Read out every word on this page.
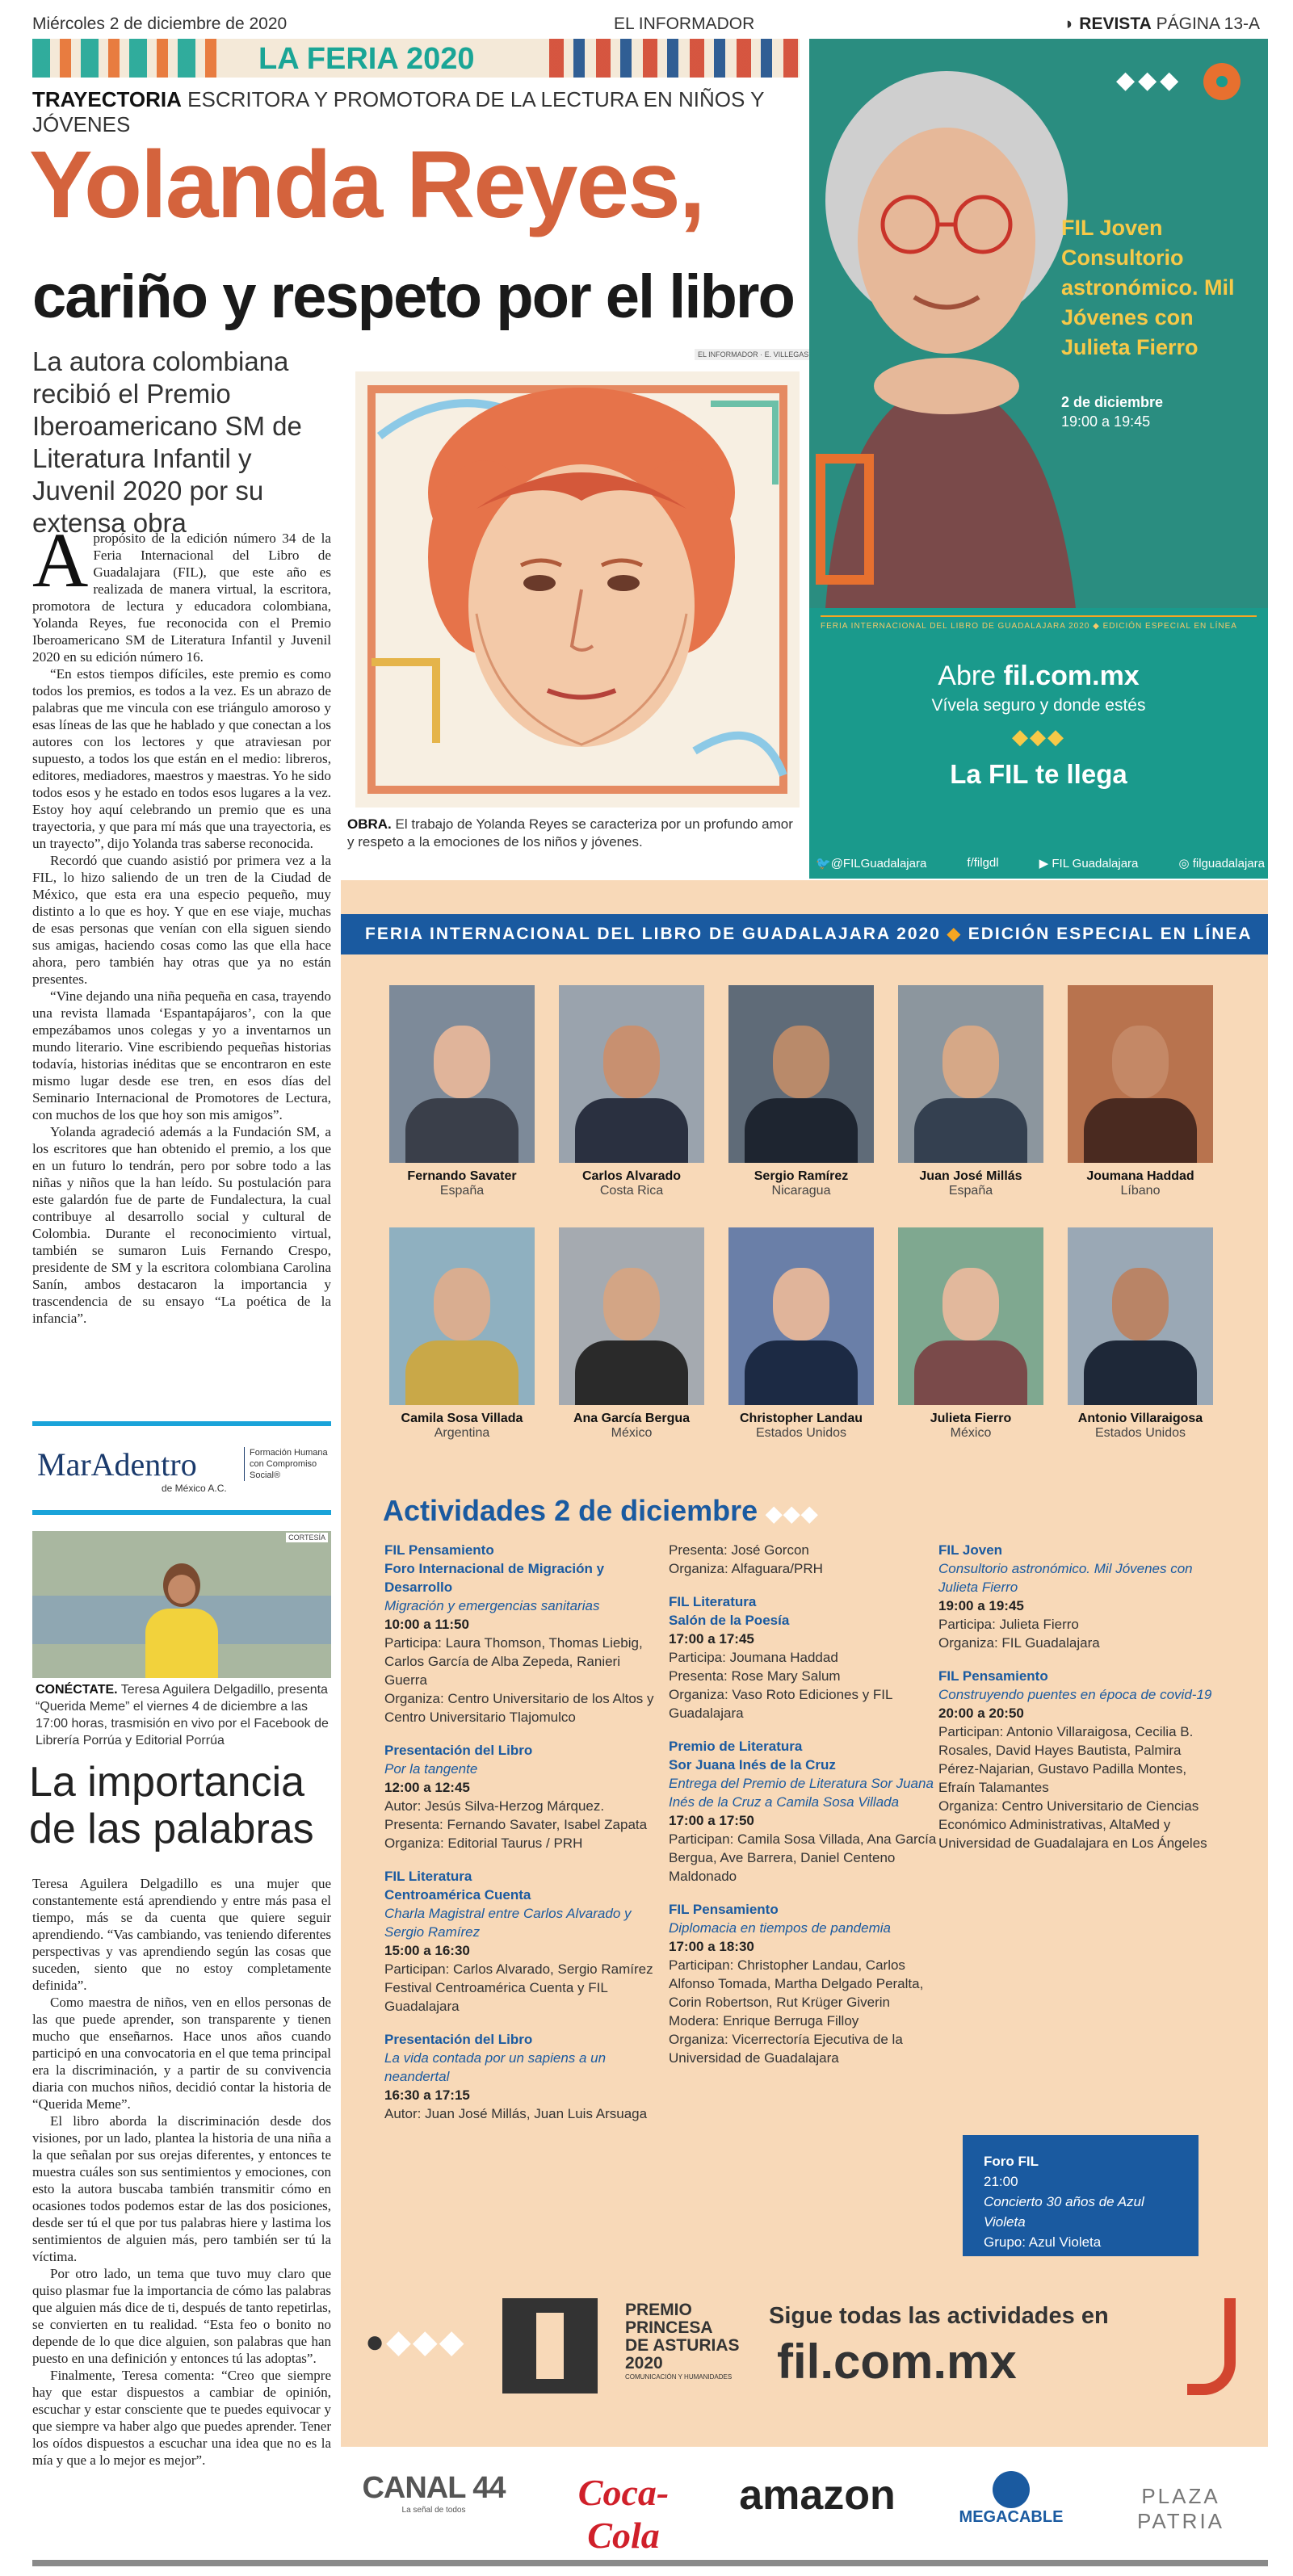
Miércoles 2 de diciembre de 2020	EL INFORMADOR	◗ REVISTA PÁGINA 13-A
LA FERIA 2020
TRAYECTORIA ESCRITORA Y PROMOTORA DE LA LECTURA EN NIÑOS Y JÓVENES
Yolanda Reyes,
cariño y respeto por el libro
La autora colombiana recibió el Premio Iberoamericano SM de Literatura Infantil y Juvenil 2020 por su extensa obra
EL INFORMADOR · E. VILLEGAS
OBRA. El trabajo de Yolanda Reyes se caracteriza por un profundo amor y respeto a la emociones de los niños y jóvenes.

Apropósito de la edición número 34 de la Feria Internacional del Libro de Guadalajara (FIL), que este año es realizada de manera virtual, la escritora, promotora de lectura y educadora colombiana, Yolanda Reyes, fue reconocida con el Premio Iberoamericano SM de Literatura Infantil y Juvenil 2020 en su edición número 16.

“En estos tiempos difíciles, este premio es como todos los premios, es todos a la vez. Es un abrazo de palabras que me vincula con ese triángulo amoroso y esas líneas de las que he hablado y que conectan a los autores con los lectores y que atraviesan por supuesto, a todos los que están en el medio: libreros, editores, mediadores, maestros y maestras. Yo he sido todos esos y he estado en todos esos lugares a la vez. Estoy hoy aquí celebrando un premio que es una trayectoria, y que para mí más que una trayectoria, es un trayecto”, dijo Yolanda tras saberse reconocida.

Recordó que cuando asistió por primera vez a la FIL, lo hizo saliendo de un tren de la Ciudad de México, que esta era una especio pequeño, muy distinto a lo que es hoy. Y que en ese viaje, muchas de esas personas que venían con ella siguen siendo sus amigas, haciendo cosas como las que ella hace ahora, pero también hay otras que ya no están presentes.

“Vine dejando una niña pequeña en casa, trayendo una revista llamada ‘Espantapájaros’, con la que empezábamos unos colegas y yo a inventarnos un mundo literario. Vine escribiendo pequeñas historias todavía, historias inéditas que se encontraron en este mismo lugar desde ese tren, en esos días del Seminario Internacional de Promotores de Lectura, con muchos de los que hoy son mis amigos”.

Yolanda agradeció además a la Fundación SM, a los escritores que han obtenido el premio, a los que en un futuro lo tendrán, pero por sobre todo a las niñas y niños que la han leído. Su postulación para este galardón fue de parte de Fundalectura, la cual contribuye al desarrollo social y cultural de Colombia. Durante el reconocimiento virtual, también se sumaron Luis Fernando Crespo, presidente de SM y la escritora colombiana Carolina Sanín, ambos destacaron la importancia y trascendencia de su ensayo “La poética de la infancia”.

MarAdentro
de México A.C.
Formación Humana con Compromiso Social®
CORTESÍA
CONÉCTATE. Teresa Aguilera Delgadillo, presenta “Querida Meme” el viernes 4 de diciembre a las 17:00 horas, trasmisión en vivo por el Facebook de Librería Porrúa y Editorial Porrúa
La importancia de las palabras

Teresa Aguilera Delgadillo es una mujer que constantemente está aprendiendo y entre más pasa el tiempo, más se da cuenta que quiere seguir aprendiendo. “Vas cambiando, vas teniendo diferentes perspectivas y vas aprendiendo según las cosas que suceden, siento que no estoy completamente definida”.

Como maestra de niños, ven en ellos personas de las que puede aprender, son transparente y tienen mucho que enseñarnos. Hace unos años cuando participó en una convocatoria en el que tema principal era la discriminación, y a partir de su convivencia diaria con muchos niños, decidió contar la historia de “Querida Meme”.

El libro aborda la discriminación desde dos visiones, por un lado, plantea la historia de una niña a la que señalan por sus orejas diferentes, y entonces te muestra cuáles son sus sentimientos y emociones, con esto la autora buscaba también transmitir cómo en ocasiones todos podemos estar de las dos posiciones, desde ser tú el que por tus palabras hiere y lastima los sentimientos de alguien más, pero también ser tú la víctima.

Por otro lado, un tema que tuvo muy claro que quiso plasmar fue la importancia de cómo las palabras que alguien más dice de ti, después de tanto repetirlas, se convierten en tu realidad. “Esta feo o bonito no depende de lo que dice alguien, son palabras que han puesto en una definición y entonces tú las adoptas”.

Finalmente, Teresa comenta: “Creo que siempre hay que estar dispuestos a cambiar de opinión, escuchar y estar consciente que te puedes equivocar y que siempre va haber algo que puedes aprender. Tener los oídos dispuestos a escuchar una idea que no es la mía y que a lo mejor es mejor”.

◆◆◆
FIL Joven Consultorio astronómico. Mil Jóvenes con Julieta Fierro
2 de diciembre
19:00 a 19:45
FERIA INTERNACIONAL DEL LIBRO DE GUADALAJARA 2020 ◆ EDICIÓN ESPECIAL EN LÍNEA
Abre fil.com.mx
Vívela seguro y donde estés
◆◆◆
La FIL te llega
🐦@FILGuadalajara	f/filgdl	▶ FIL Guadalajara	◎ filguadalajara
FERIA INTERNACIONAL DEL LIBRO DE GUADALAJARA 2020 ◆ EDICIÓN ESPECIAL EN LÍNEA
Fernando Savater
España
Carlos Alvarado
Costa Rica
Sergio Ramírez
Nicaragua
Juan José Millás
España
Joumana Haddad
Líbano
Camila Sosa Villada
Argentina
Ana García Bergua
México
Christopher Landau
Estados Unidos
Julieta Fierro
México
Antonio Villaraigosa
Estados Unidos
Actividades 2 de diciembre ◆◆◆
FIL Pensamiento
Foro Internacional de Migración y Desarrollo
Migración y emergencias sanitarias
10:00 a 11:50
Participa: Laura Thomson, Thomas Liebig, Carlos García de Alba Zepeda, Ranieri Guerra
Organiza: Centro Universitario de los Altos y Centro Universitario Tlajomulco
Presentación del Libro
Por la tangente
12:00 a 12:45
Autor: Jesús Silva-Herzog Márquez.
Presenta: Fernando Savater, Isabel Zapata
Organiza: Editorial Taurus / PRH
FIL Literatura
Centroamérica Cuenta
Charla Magistral entre Carlos Alvarado y Sergio Ramírez
15:00 a 16:30
Participan: Carlos Alvarado, Sergio Ramírez
Festival Centroamérica Cuenta y FIL Guadalajara
Presentación del Libro
La vida contada por un sapiens a un neandertal
16:30 a 17:15
Autor: Juan José Millás, Juan Luis Arsuaga
Presenta: José Gorcon
Organiza: Alfaguara/PRH
FIL Literatura
Salón de la Poesía
17:00 a 17:45
Participa: Joumana Haddad
Presenta: Rose Mary Salum
Organiza: Vaso Roto Ediciones y FIL Guadalajara
Premio de Literatura
Sor Juana Inés de la Cruz
Entrega del Premio de Literatura Sor Juana Inés de la Cruz a Camila Sosa Villada
17:00 a 17:50
Participan: Camila Sosa Villada, Ana García Bergua, Ave Barrera, Daniel Centeno Maldonado
FIL Pensamiento
Diplomacia en tiempos de pandemia
17:00 a 18:30
Participan: Christopher Landau, Carlos Alfonso Tomada, Martha Delgado Peralta, Corin Robertson, Rut Krüger Giverin
Modera: Enrique Berruga Filloy
Organiza: Vicerrectoría Ejecutiva de la Universidad de Guadalajara
FIL Joven
Consultorio astronómico. Mil Jóvenes con Julieta Fierro
19:00 a 19:45
Participa: Julieta Fierro
Organiza: FIL Guadalajara
FIL Pensamiento
Construyendo puentes en época de covid-19
20:00 a 20:50
Participan: Antonio Villaraigosa, Cecilia B. Rosales, David Hayes Bautista, Palmira Pérez-Najarian, Gustavo Padilla Montes, Efraín Talamantes
Organiza: Centro Universitario de Ciencias Económico Administrativas, AltaMed y Universidad de Guadalajara en Los Ángeles
Foro FIL
21:00
Concierto 30 años de Azul Violeta
Grupo: Azul Violeta
●◆◆◆
PREMIO
PRINCESA
DE ASTURIAS
2020
COMUNICACIÓN Y HUMANIDADES
Sigue todas las actividades en
fil.com.mx
CANAL 44
La señal de todos	Coca-Cola
amazon	MEGACABLE
PLAZA PATRIA
